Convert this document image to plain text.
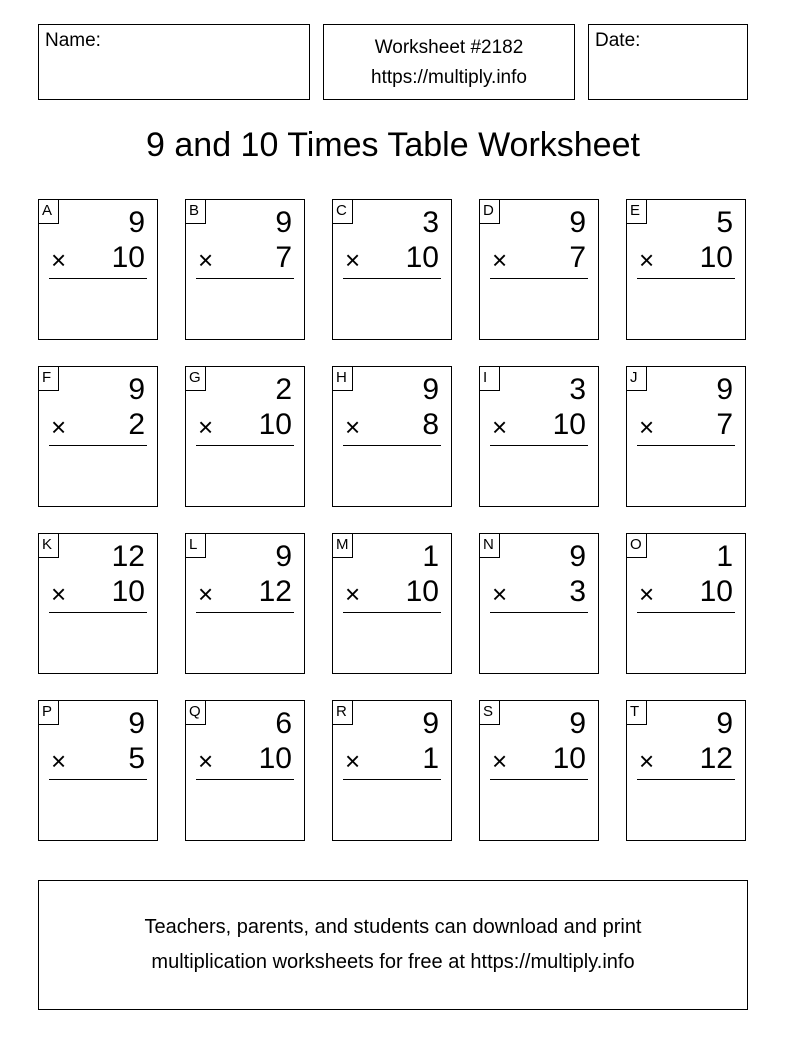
Name:	Worksheet #2182
https://multiply.info
Date:
9 and 10 Times Table Worksheet
A	9
× 10
B	9
× 7
C	3
× 10
D	9
× 7
E	5
× 10
F	9
× 2
G 2
× 10
H	9
× 8
I	3
× 10
J	9
× 7
K 12
× 10
L	9
× 12
M 1
× 10
N	9
× 3
O 1
× 10
P	9
× 5
Q 6
× 10
R	9
× 1
S	9
× 10
T	9
× 12
Teachers, parents, and students can download and print
multiplication worksheets for free at https://multiply.info
